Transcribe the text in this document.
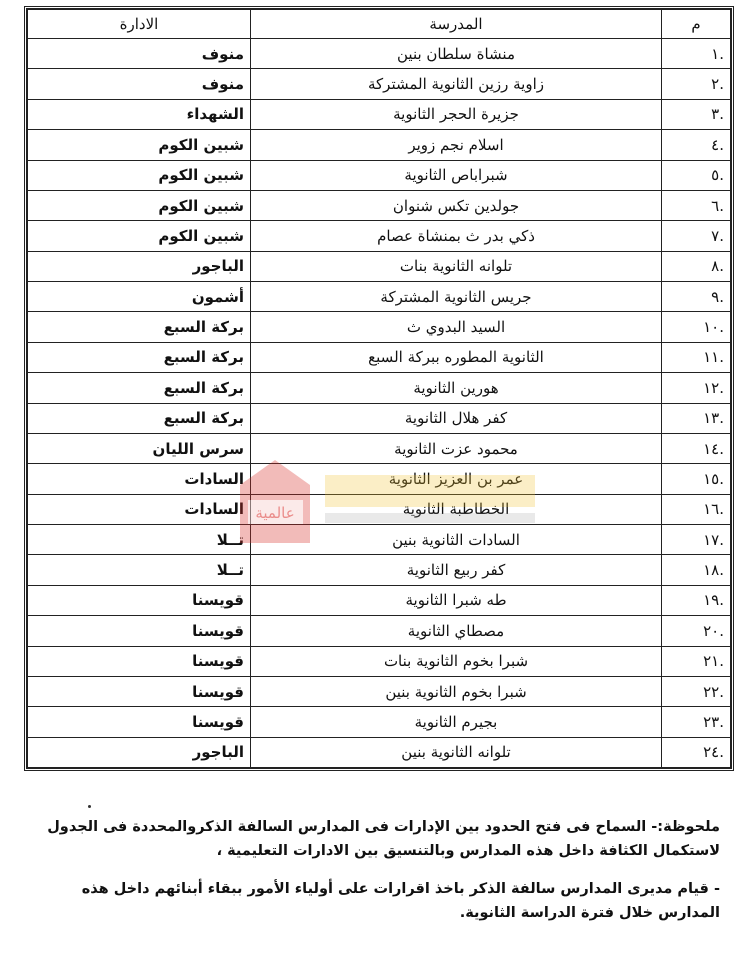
م	المدرسة	الادارة
.١	منشاة سلطان بنين	منوف
.٢	زاوية رزين الثانوية المشتركة	منوف
.٣	جزيرة الحجر الثانوية	الشهداء
.٤	اسلام نجم زوير	شبين الكوم
.٥	شبراباص الثانوية	شبين الكوم
.٦	جولدين تكس شنوان	شبين الكوم
.٧	ذكي بدر ث بمنشاة عصام	شبين الكوم
.٨	تلوانه الثانوية بنات	الباجور
.٩	جريس الثانوية المشتركة	أشمون
.١٠	السيد البدوي ث	بركة السبع
.١١	الثانوية المطوره ببركة السبع	بركة السبع
.١٢	هورين الثانوية	بركة السبع
.١٣	كفر هلال الثانوية	بركة السبع
.١٤	محمود عزت الثانوية	سرس الليان
.١٥	عمر بن العزيز الثانوية	السادات
.١٦	الخطاطبة الثانوية	السادات
.١٧	السادات الثانوية بنين	تــلا
.١٨	كفر ربيع الثانوية	تــلا
.١٩	طه شبرا الثانوية	قويسنا
.٢٠	مصطاي الثانوية	قويسنا
.٢١	شبرا بخوم الثانوية بنات	قويسنا
.٢٢	شبرا بخوم الثانوية بنين	قويسنا
.٢٣	بجيرم الثانوية	قويسنا
.٢٤	تلوانه الثانوية بنين	الباجور
عالمية

ملحوظة:- السماح فى فتح الحدود بين الإدارات فى المدارس السالفة الذكروالمحددة فى الجدول لاستكمال الكثافة داخل هذه المدارس وبالتنسيق بين الادارات التعليمية ،

- قيام مديرى المدارس سالفة الذكر باخذ اقرارات على أولياء الأمور ببقاء أبنائهم داخل هذه المدارس خلال فترة الدراسة الثانوية.
